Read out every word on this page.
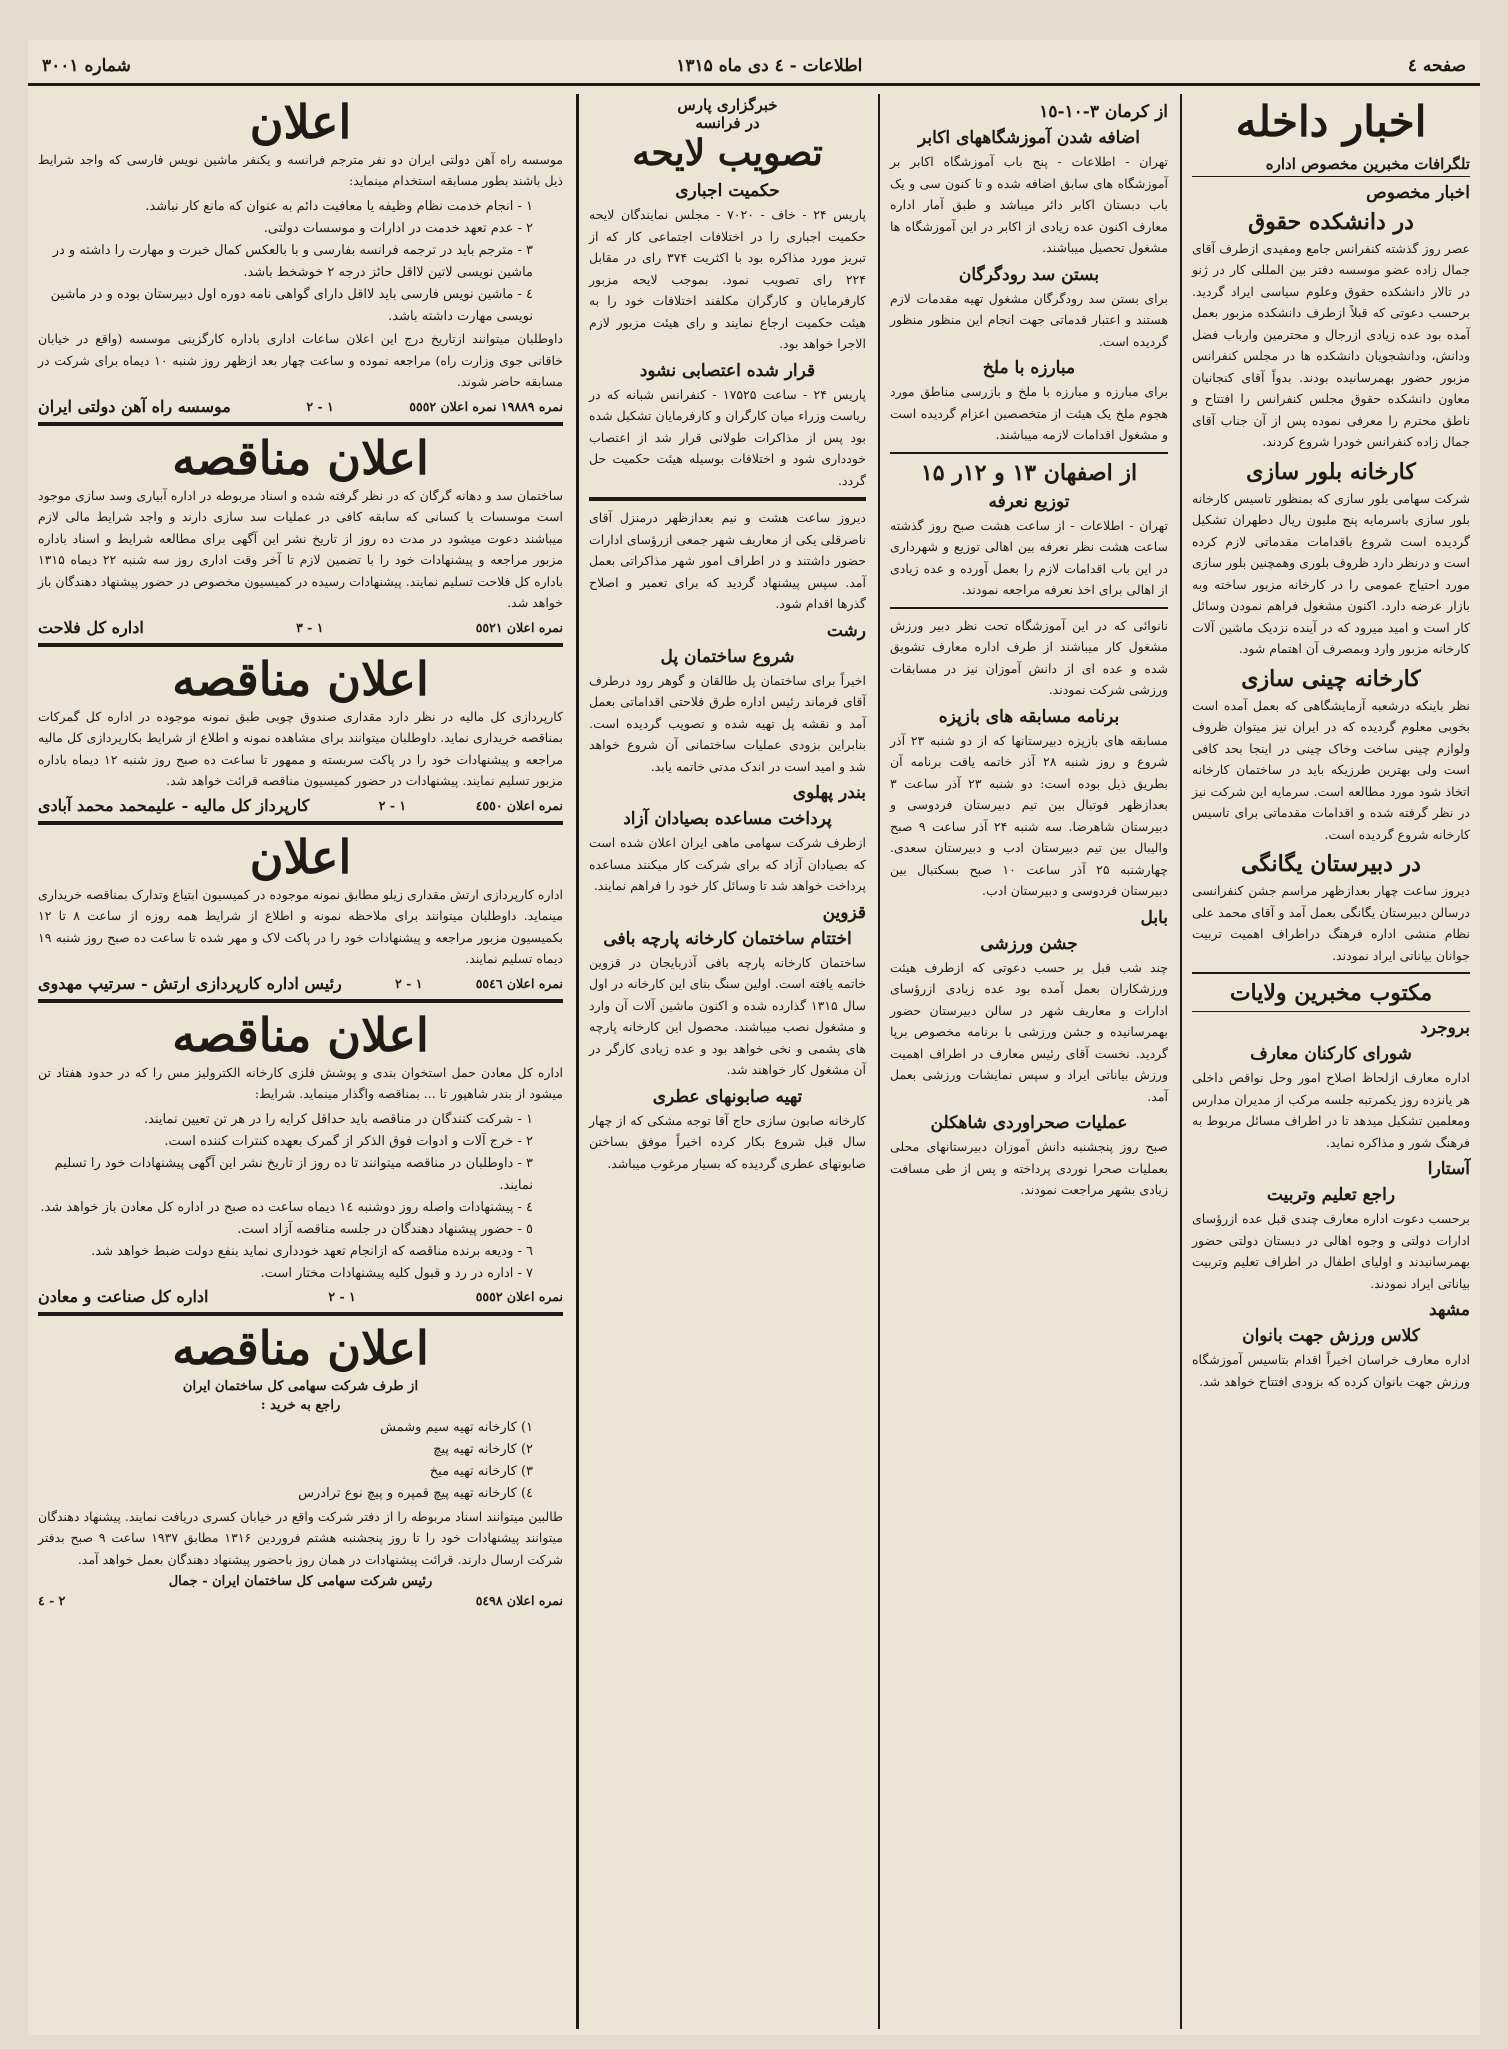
صفحه ٤
اطلاعات - ٤ دی ماه ۱۳۱۵
شماره ۳۰۰۱
اخبار داخله
تلگرافات مخبرین مخصوص اداره
اخبار مخصوص
در دانشکده حقوق

عصر روز گذشته کنفرانس جامع ومفیدی ازطرف آقای جمال زاده عضو موسسه دفتر بین المللی کار در ژنو در تالار دانشکده حقوق وعلوم سیاسی ایراد گردید. برحسب دعوتی که قبلاً ازطرف دانشکده مزبور بعمل آمده بود عده زیادی ازرجال و محترمین وارباب فضل ودانش، ودانشجویان دانشکده ها در مجلس کنفرانس مزبور حضور بهمرسانیده بودند. بدواً آقای کنجانیان معاون دانشکده حقوق مجلس کنفرانس را افتتاح و ناطق محترم را معرفی نموده پس از آن جناب آقای جمال زاده کنفرانس خودرا شروع کردند.

کارخانه بلور سازی

شرکت سهامی بلور سازی که بمنظور تاسیس کارخانه بلور سازی باسرمایه پنج ملیون ریال دطهران تشکیل گردیده است شروع باقدامات مقدماتی لازم کرده است و درنظر دارد ظروف بلوری وهمچنین بلور سازی مورد احتیاج عمومی را در کارخانه مزبور ساخته وبه بازار عرضه دارد. اکنون مشغول فراهم نمودن وسائل کار است و امید میرود که در آینده نزدیک ماشین آلات کارخانه مزبور وارد وبمصرف آن اهتمام شود.

کارخانه چینی سازی

نظر باینکه درشعبه آزمایشگاهی که بعمل آمده است بخوبی معلوم گردیده که در ایران نیز میتوان ظروف ولوازم چینی ساخت وخاک چینی در اینجا بحد کافی است ولی بهترین طرزیکه باید در ساختمان کارخانه اتخاذ شود مورد مطالعه است. سرمایه این شرکت نیز در نظر گرفته شده و اقدامات مقدماتی برای تاسیس کارخانه شروع گردیده است.

در دبیرستان یگانگی

دیروز ساعت چهار بعدازظهر مراسم جشن کنفرانسی درسالن دبیرستان یگانگی بعمل آمد و آقای محمد علی نظام منشی اداره فرهنگ دراطراف اهمیت تربیت جوانان بیاناتی ایراد نمودند.

مکتوب مخبرین ولایات
بروجرد
شورای کارکنان معارف

اداره معارف ازلحاظ اصلاح امور وحل نواقص داخلی هر یانزده روز یکمرتبه جلسه مرکب از مدیران مدارس ومعلمین تشکیل میدهد تا در اطراف مسائل مربوط به فرهنگ شور و مذاکره نماید.

آستارا
راجع تعلیم وتربیت

برحسب دعوت اداره معارف چندی قبل عده ازرؤسای ادارات دولتی و وجوه اهالی در دبستان دولتی حضور بهمرسانیدند و اولیای اطفال در اطراف تعلیم وتربیت بیاناتی ایراد نمودند.

مشهد
کلاس ورزش جهت بانوان

اداره معارف خراسان اخیراً اقدام بتاسیس آموزشگاه ورزش جهت بانوان کرده که بزودی افتتاح خواهد شد.

از کرمان ٣-١٠-١٥
اضافه شدن آموزشگاههای اکابر

تهران - اطلاعات - پنج باب آموزشگاه اکابر بر آموزشگاه های سابق اضافه شده و تا کنون سی و یک باب دبستان اکابر دائر میباشد و طبق آمار اداره معارف اکنون عده زیادی از اکابر در این آموزشگاه ها مشغول تحصیل میباشند.

بستن سد رودگرگان

برای بستن سد رودگرگان مشغول تهیه مقدمات لازم هستند و اعتبار قدماتی جهت انجام این منظور منظور گردیده است.

مبارزه با ملخ

برای مبارزه و مبارزه با ملخ و بازرسی مناطق مورد هجوم ملخ یک هیئت از متخصصین اعزام گردیده است و مشغول اقدامات لازمه میباشند.

از اصفهان ۱۳ و ۱۲ر ۱۵
توزیع نعرفه

تهران - اطلاعات - از ساعت هشت صبح روز گذشته ساعت هشت نظر نعرفه بین اهالی توزیع و شهرداری در این باب اقدامات لازم را بعمل آورده و عده زیادی از اهالی برای اخذ نعرفه مراجعه نمودند.

نانوائی که در این آموزشگاه تحت نظر دبیر ورزش مشغول کار میباشند از طرف اداره معارف تشویق شده و عده ای از دانش آموزان نیز در مسابقات ورزشی شرکت نمودند.

برنامه مسابقه های بازپزه

مسابقه های بازپزه دبیرستانها که از دو شنبه ۲۳ آذر شروع و روز شنبه ۲۸ آذر خاتمه یافت برنامه آن بطریق ذیل بوده است: دو شنبه ۲۳ آذر ساعت ۳ بعدازظهر فوتبال بین تیم دبیرستان فردوسی و دبیرستان شاهرضا. سه شنبه ۲۴ آذر ساعت ۹ صبح والیبال بین تیم دبیرستان ادب و دبیرستان سعدی. چهارشنبه ۲۵ آذر ساعت ۱۰ صبح بسکتبال بین دبیرستان فردوسی و دبیرستان ادب.

بابل
جشن ورزشی

چند شب قبل بر حسب دعوتی که ازطرف هیئت ورزشکاران بعمل آمده بود عده زیادی ازرؤسای ادارات و معاریف شهر در سالن دبیرستان حضور بهمرسانیده و جشن ورزشی با برنامه مخصوص برپا گردید. نخست آقای رئیس معارف در اطراف اهمیت ورزش بیاناتی ایراد و سپس نمایشات ورزشی بعمل آمد.

عملیات صحراوردی شاهکلن

صبح روز پنجشنبه دانش آموزان دبیرستانهای محلی بعملیات صحرا نوردی پرداخته و پس از طی مسافت زیادی بشهر مراجعت نمودند.

خبرگزاری پارس
در فرانسه
تصویب لایحه
حکمیت اجباری

پاریس ۲۴ - خاف - ۷۰۲۰ - مجلس نمایندگان لایحه حکمیت اجباری را در اختلافات اجتماعی کار که از تبریز مورد مذاکره بود با اکثریت ۳۷۴ رای در مقابل ۲۲۴ رای تصویب نمود. بموجب لایحه مزبور کارفرمایان و کارگران مکلفند اختلافات خود را به هیئت حکمیت ارجاع نمایند و رای هیئت مزبور لازم الاجرا خواهد بود.

قرار شده اعتصابی نشود

پاریس ۲۴ - ساعت ۱۷۵۲۵ - کنفرانس شبانه که در ریاست وزراء میان کارگران و کارفرمایان تشکیل شده بود پس از مذاکرات طولانی قرار شد از اعتصاب خودداری شود و اختلافات بوسیله هیئت حکمیت حل گردد.

دیروز ساعت هشت و نیم بعدازظهر درمنزل آقای ناصرقلی یکی از معاریف شهر جمعی ازرؤسای ادارات حضور داشتند و در اطراف امور شهر مذاکراتی بعمل آمد. سپس پیشنهاد گردید که برای تعمیر و اصلاح گذرها اقدام شود.

رشت
شروع ساختمان پل

اخیراً برای ساختمان پل طالقان و گوهر رود درطرف آقای فرماند رئیس اداره طرق فلاحتی اقداماتی بعمل آمد و نقشه پل تهیه شده و تصویب گردیده است. بنابراین بزودی عملیات ساختمانی آن شروع خواهد شد و امید است در اندک مدتی خاتمه یابد.

بندر پهلوی
پرداخت مساعده بصیادان آزاد

ازطرف شرکت سهامی ماهی ایران اعلان شده است که بصیادان آزاد که برای شرکت کار میکنند مساعده پرداخت خواهد شد تا وسائل کار خود را فراهم نمایند.

قزوین
اختتام ساختمان کارخانه پارچه بافی

ساختمان کارخانه پارچه بافی آذربایجان در قزوین خاتمه یافته است. اولین سنگ بنای این کارخانه در اول سال ۱۳۱۵ گذارده شده و اکنون ماشین آلات آن وارد و مشغول نصب میباشند. محصول این کارخانه پارچه های پشمی و نخی خواهد بود و عده زیادی کارگر در آن مشغول کار خواهند شد.

تهیه صابونهای عطری

کارخانه صابون سازی حاج آقا توجه مشکی که از چهار سال قبل شروع بکار کرده اخیراً موفق بساختن صابونهای عطری گردیده که بسیار مرغوب میباشد.

اعلان

موسسه راه آهن دولتی ایران دو نفر مترجم فرانسه و یکنفر ماشین نویس فارسی که واجد شرایط ذیل باشند بطور مسابقه استخدام مینماید:

۱ - انجام خدمت نظام وظیفه یا معافیت دائم به عنوان که مانع کار نباشد.
۲ - عدم تعهد خدمت در ادارات و موسسات دولتی.
۳ - مترجم باید در ترجمه فرانسه بفارسی و با بالعکس کمال خبرت و مهارت را داشته و در ماشین نویسی لاتین لااقل حائز درجه ۲ خوشخط باشد.
٤ - ماشین نویس فارسی باید لااقل دارای گواهی نامه دوره اول دبیرستان بوده و در ماشین نویسی مهارت داشته باشد.

داوطلبان میتوانند ازتاریخ درج این اعلان ساعات اداری باداره کارگزینی موسسه (واقع در خیابان خاقانی جوی وزارت راه) مراجعه نموده و ساعت چهار بعد ازظهر روز شنبه ۱۰ دیماه برای شرکت در مسابقه حاضر شوند.

نمره ۱۹۸۸۹ نمره اعلان ٥٥٥۲
١ - ٢
موسسه راه آهن دولتی ایران
اعلان مناقصه

ساختمان سد و دهانه گرگان که در نظر گرفته شده و اسناد مربوطه در اداره آبیاری وسد سازی موجود است موسسات یا کسانی که سابقه کافی در عملیات سد سازی دارند و واجد شرایط مالی لازم میباشند دعوت میشود در مدت ده روز از تاریخ نشر این آگهی برای مطالعه شرایط و اسناد باداره مزبور مراجعه و پیشنهادات خود را با تضمین لازم تا آخر وقت اداری روز سه شنبه ۲۲ دیماه ۱۳۱۵ باداره کل فلاحت تسلیم نمایند. پیشنهادات رسیده در کمیسیون مخصوص در حضور پیشنهاد دهندگان باز خواهد شد.

نمره اعلان ٥٥۲۱
١ - ٣
اداره کل فلاحت
اعلان مناقصه

کارپردازی کل مالیه در نظر دارد مقداری صندوق چوبی طبق نمونه موجوده در اداره کل گمرکات بمناقصه خریداری نماید. داوطلبان میتوانند برای مشاهده نمونه و اطلاع از شرایط بکارپردازی کل مالیه مراجعه و پیشنهادات خود را در پاکت سربسته و ممهور تا ساعت ده صبح روز شنبه ۱۲ دیماه باداره مزبور تسلیم نمایند. پیشنهادات در حضور کمیسیون مناقصه قرائت خواهد شد.

نمره اعلان ٤٥٥۰
١ - ٢
کارپرداز کل مالیه - علیمحمد محمد آبادی
اعلان

اداره کارپردازی ارتش مقداری زیلو مطابق نمونه موجوده در کمیسیون ابتیاع وتدارک بمناقصه خریداری مینماید. داوطلبان میتوانند برای ملاحظه نمونه و اطلاع از شرایط همه روزه از ساعت ۸ تا ۱۲ بکمیسیون مزبور مراجعه و پیشنهادات خود را در پاکت لاک و مهر شده تا ساعت ده صبح روز شنبه ۱۹ دیماه تسلیم نمایند.

نمره اعلان ٥٥٤٦
١ - ٢
رئیس اداره کارپردازی ارتش - سرتیپ مهدوی
اعلان مناقصه

اداره کل معادن حمل استخوان بندی و پوشش فلزی کارخانه الکترولیز مس را که در حدود هفتاد تن میشود از بندر شاهپور تا ... بمناقصه واگذار مینماید. شرایط:

۱ - شرکت کنندگان در مناقصه باید حداقل کرایه را در هر تن تعیین نمایند.
۲ - خرج آلات و ادوات فوق الذکر از گمرک بعهده کنترات کننده است.
۳ - داوطلبان در مناقصه میتوانند تا ده روز از تاریخ نشر این آگهی پیشنهادات خود را تسلیم نمایند.
٤ - پیشنهادات واصله روز دوشنبه ١٤ دیماه ساعت ده صبح در اداره کل معادن باز خواهد شد.
٥ - حضور پیشنهاد دهندگان در جلسه مناقصه آزاد است.
٦ - ودیعه برنده مناقصه که ازانجام تعهد خودداری نماید بنفع دولت ضبط خواهد شد.
۷ - اداره در رد و قبول کلیه پیشنهادات مختار است.
نمره اعلان ٥٥٥۲
١ - ٢
اداره کل صناعت و معادن
اعلان مناقصه
از طرف شرکت سهامی کل ساختمان ایران
راجع به خرید :
۱) کارخانه تهیه سیم وشمش
۲) کارخانه تهیه پیچ
۳) کارخانه تهیه میخ
٤) کارخانه تهیه پیچ قمپره و پیچ نوع ترادرس

طالبین میتوانند اسناد مربوطه را از دفتر شرکت واقع در خیابان کسری دریافت نمایند. پیشنهاد دهندگان میتوانند پیشنهادات خود را تا روز پنجشنبه هشتم فروردین ۱۳۱۶ مطابق ۱۹۳۷ ساعت ۹ صبح بدفتر شرکت ارسال دارند. قرائت پیشنهادات در همان روز باحضور پیشنهاد دهندگان بعمل خواهد آمد.

رئیس شرکت سهامی کل ساختمان ایران - جمال
نمره اعلان ٥٤۹۸
٢ - ٤
